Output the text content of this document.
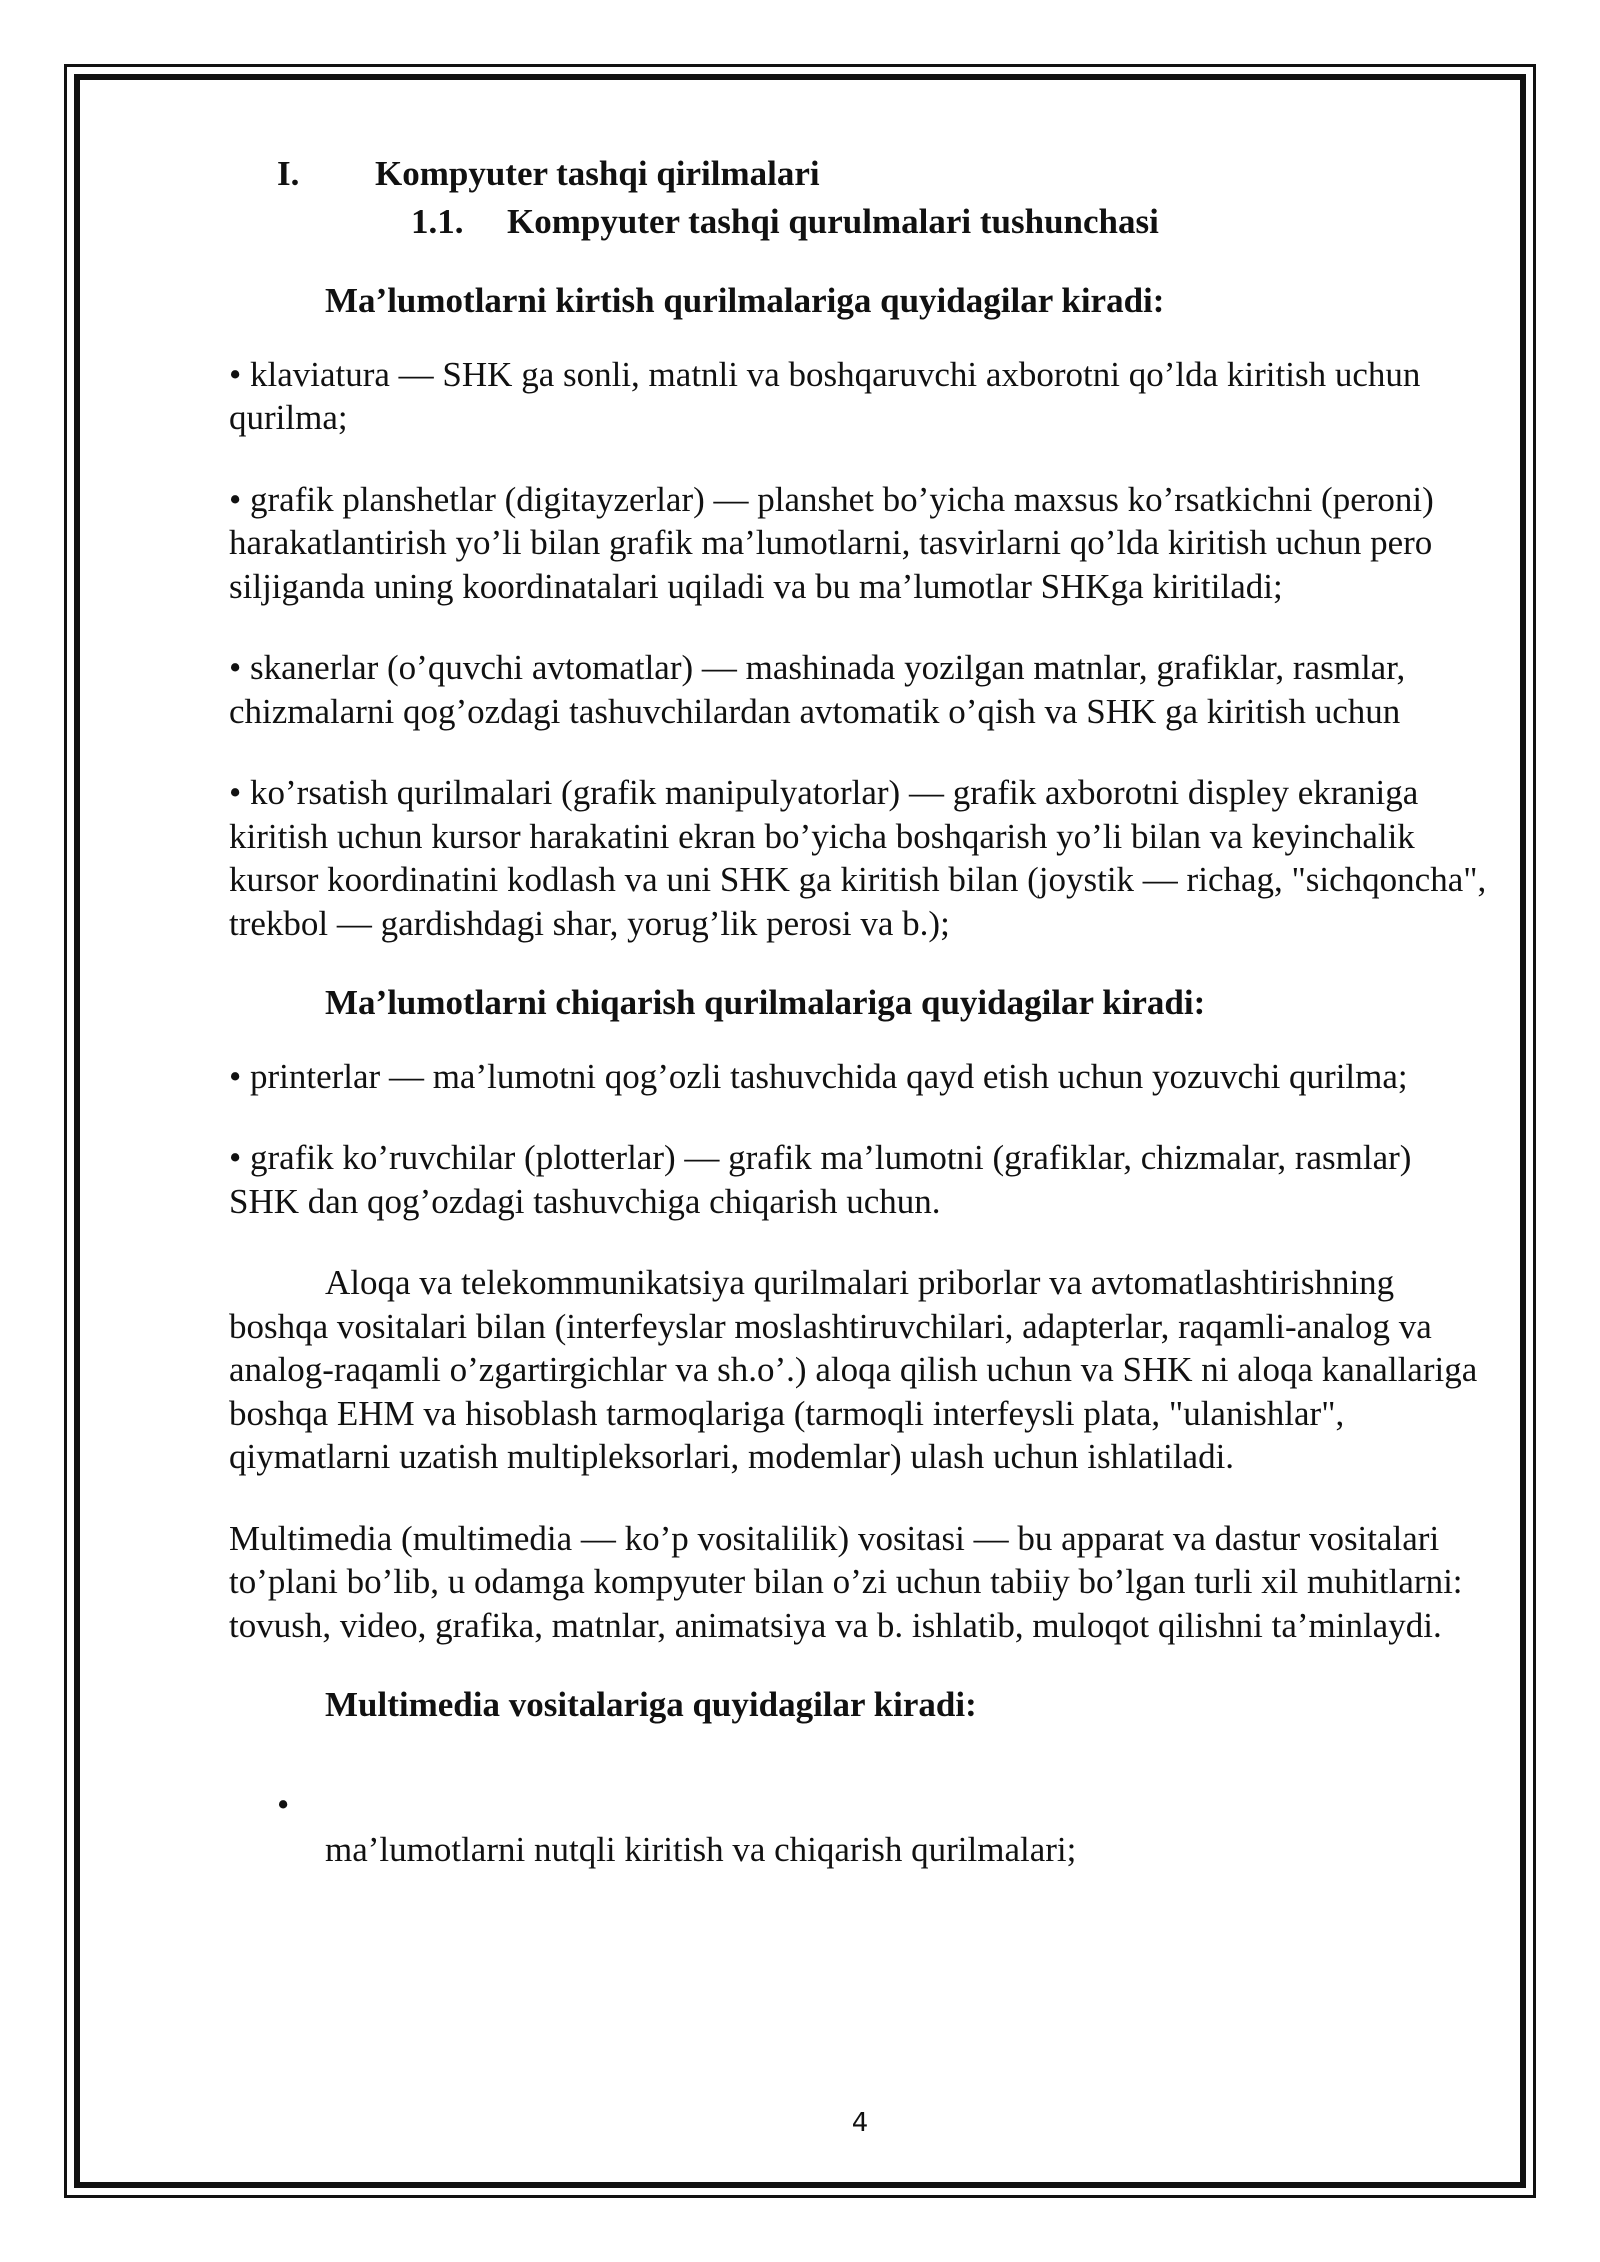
I.	Kompyuter tashqi qirilmalari
1.1.	Kompyuter tashqi qurulmalari tushunchasi

Ma’lumotlarni kirtish qurilmalariga quyidagilar kiradi:

• klaviatura — SHK ga sonli, matnli va boshqaruvchi axborotni qo’lda kiritish uchun qurilma;

• grafik planshetlar (digitayzerlar) — planshet bo’yicha maxsus ko’rsatkichni (peroni) harakatlantirish yo’li bilan grafik ma’lumotlarni, tasvirlarni qo’lda kiritish uchun pero siljiganda uning koordinatalari uqiladi va bu ma’lumotlar SHKga kiritiladi;

• skanerlar (o’quvchi avtomatlar) — mashinada yozilgan matnlar, grafiklar, rasmlar, chizmalarni qog’ozdagi tashuvchilardan avtomatik o’qish va SHK ga kiritish uchun

• ko’rsatish qurilmalari (grafik manipulyatorlar) — grafik axborotni displey ekraniga kiritish uchun kursor harakatini ekran bo’yicha boshqarish yo’li bilan va keyinchalik kursor koordinatini kodlash va uni SHK ga kiritish bilan (joystik — richag, "sichqoncha", trekbol — gardishdagi shar, yorug’lik perosi va b.);

Ma’lumotlarni chiqarish qurilmalariga quyidagilar kiradi:

• printerlar — ma’lumotni qog’ozli tashuvchida qayd etish uchun yozuvchi qurilma;

• grafik ko’ruvchilar (plotterlar) — grafik ma’lumotni (grafiklar, chizmalar, rasmlar) SHK dan qog’ozdagi tashuvchiga chiqarish uchun.

Aloqa va telekommunikatsiya qurilmalari priborlar va avtomatlashtirishning boshqa vositalari bilan (interfeyslar moslashtiruvchilari, adapterlar, raqamli-analog va analog-raqamli o’zgartirgichlar va sh.o’.) aloqa qilish uchun va SHK ni aloqa kanallariga boshqa EHM va hisoblash tarmoqlariga (tarmoqli interfeysli plata, "ulanishlar", qiymatlarni uzatish multipleksorlari, modemlar) ulash uchun ishlatiladi.

Multimedia (multimedia — ko’p vositalilik) vositasi — bu apparat va dastur vositalari to’plani bo’lib, u odamga kompyuter bilan o’zi uchun tabiiy bo’lgan turli xil muhitlarni: tovush, video, grafika, matnlar, animatsiya va b. ishlatib, muloqot qilishni ta’minlaydi.

Multimedia vositalariga quyidagilar kiradi:

•

ma’lumotlarni nutqli kiritish va chiqarish qurilmalari;

4
